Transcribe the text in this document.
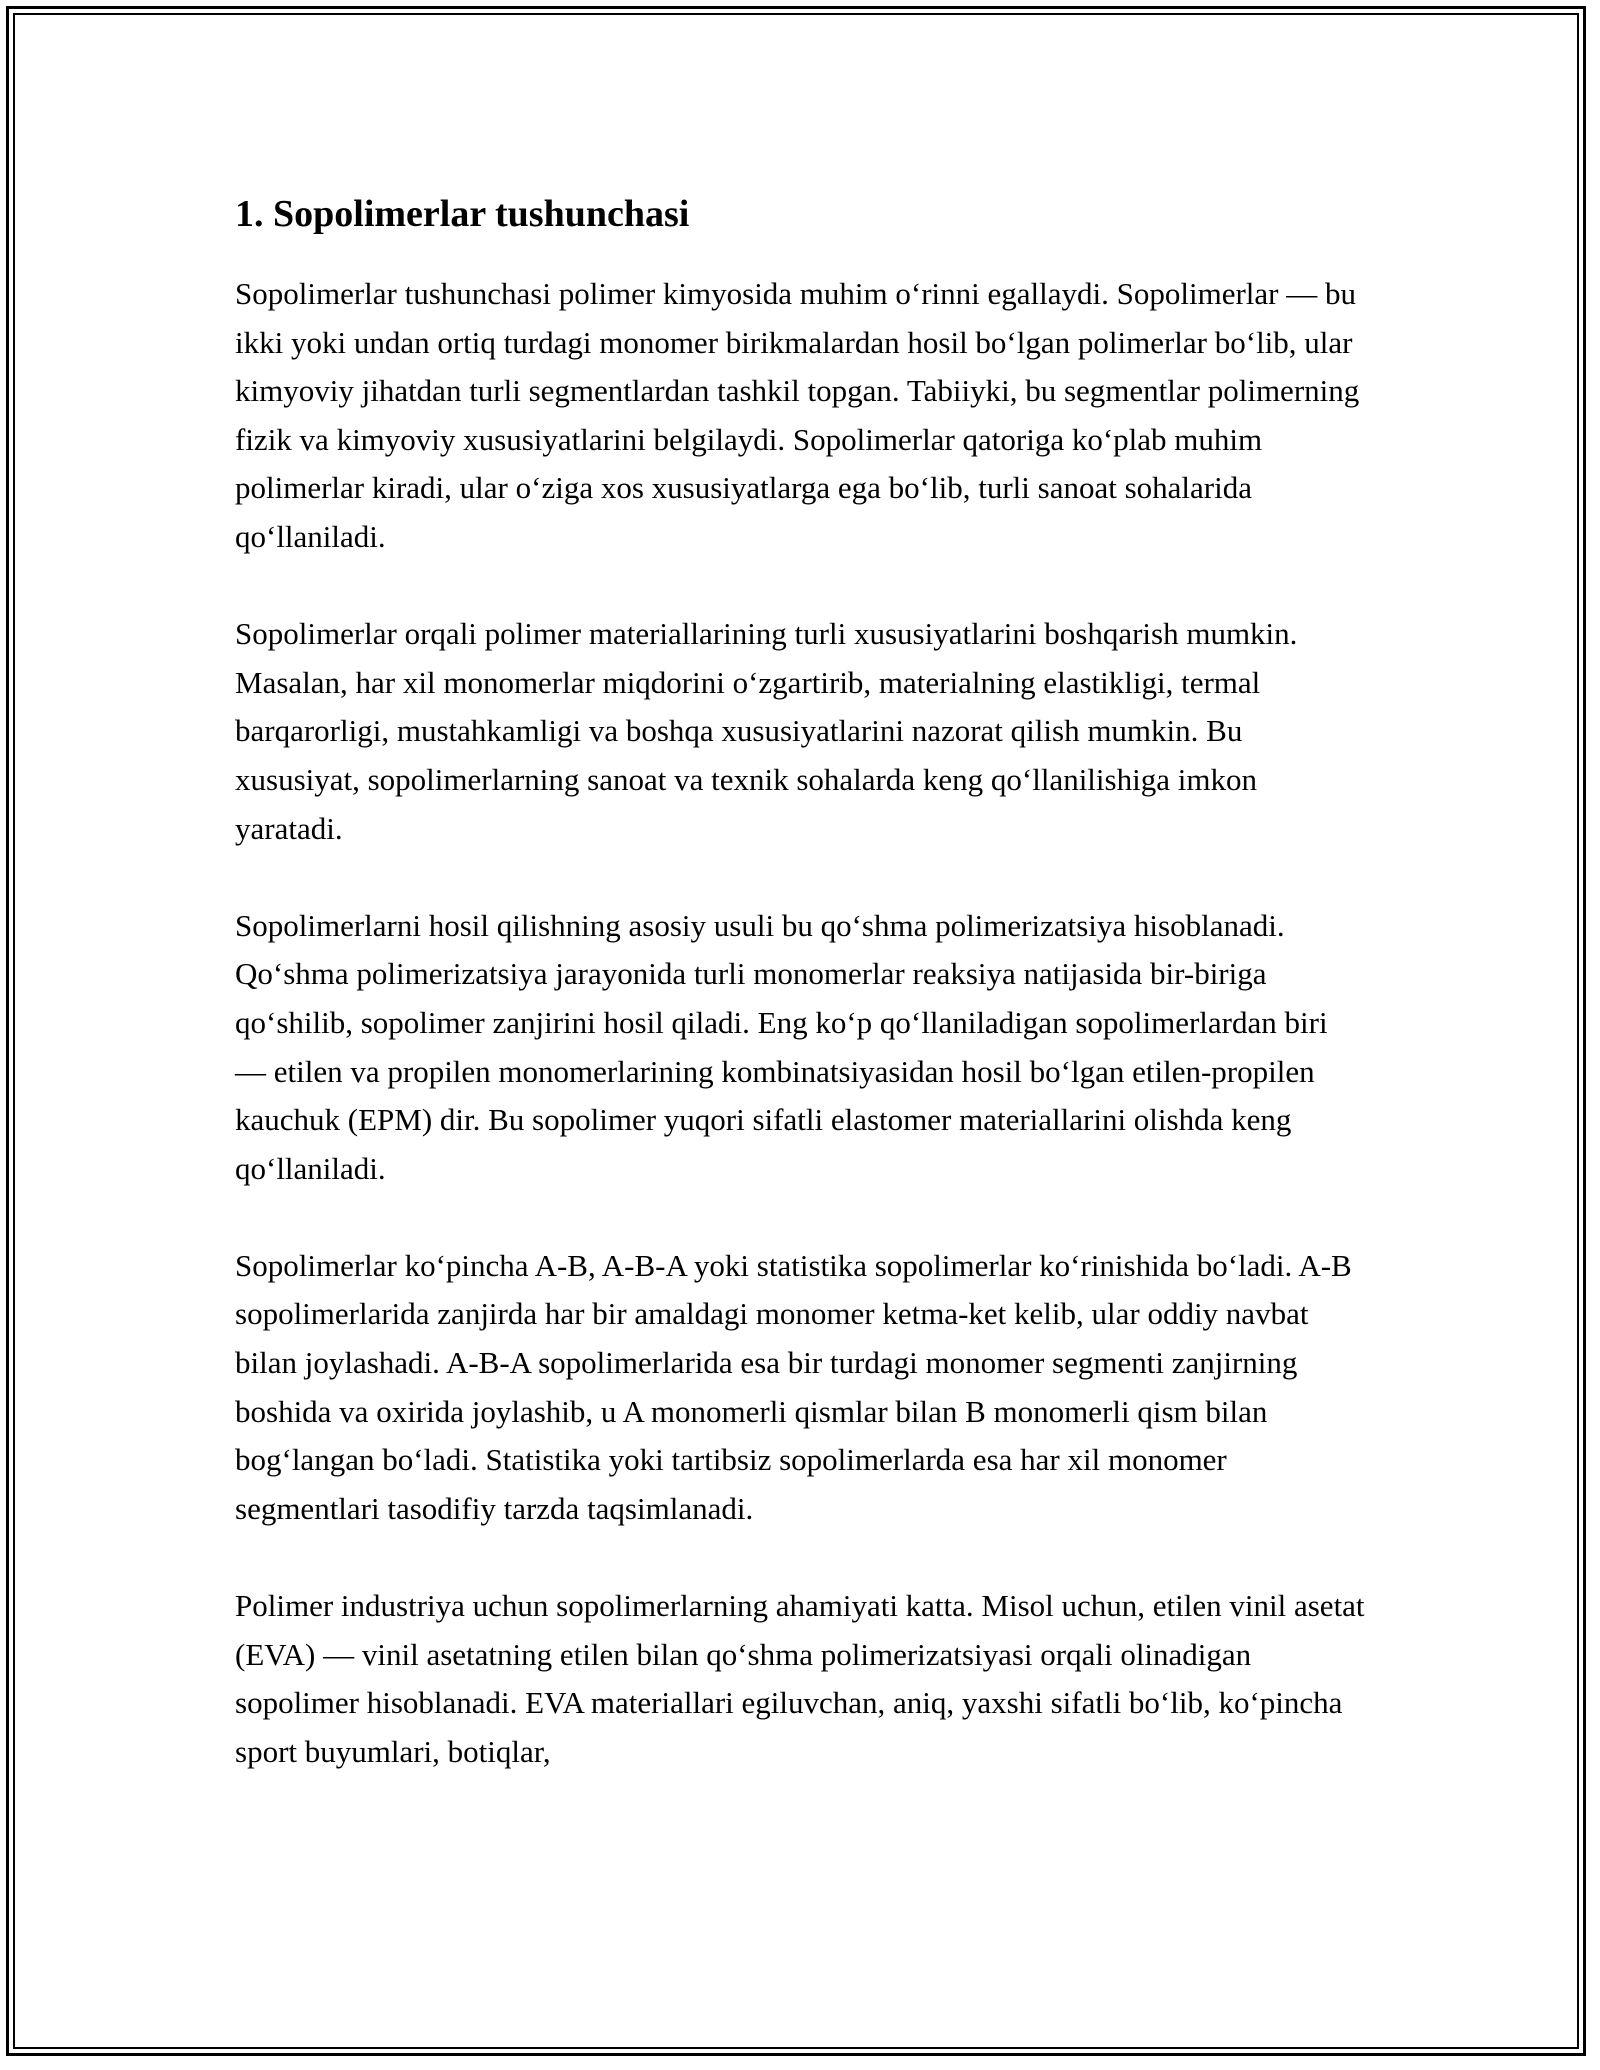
1. Sopolimerlar tushunchasi

Sopolimerlar tushunchasi polimer kimyosida muhim o‘rinni egallaydi. Sopolimerlar — bu ikki yoki undan ortiq turdagi monomer birikmalardan hosil bo‘lgan polimerlar bo‘lib, ular kimyoviy jihatdan turli segmentlardan tashkil topgan. Tabiiyki, bu segmentlar polimerning fizik va kimyoviy xususiyatlarini belgilaydi. Sopolimerlar qatoriga ko‘plab muhim polimerlar kiradi, ular o‘ziga xos xususiyatlarga ega bo‘lib, turli sanoat sohalarida qo‘llaniladi.

Sopolimerlar orqali polimer materiallarining turli xususiyatlarini boshqarish mumkin. Masalan, har xil monomerlar miqdorini o‘zgartirib, materialning elastikligi, termal barqarorligi, mustahkamligi va boshqa xususiyatlarini nazorat qilish mumkin. Bu xususiyat, sopolimerlarning sanoat va texnik sohalarda keng qo‘llanilishiga imkon yaratadi.

Sopolimerlarni hosil qilishning asosiy usuli bu qo‘shma polimerizatsiya hisoblanadi. Qo‘shma polimerizatsiya jarayonida turli monomerlar reaksiya natijasida bir-biriga qo‘shilib, sopolimer zanjirini hosil qiladi. Eng ko‘p qo‘llaniladigan sopolimerlardan biri — etilen va propilen monomerlarining kombinatsiyasidan hosil bo‘lgan etilen-propilen kauchuk (EPM) dir. Bu sopolimer yuqori sifatli elastomer materiallarini olishda keng qo‘llaniladi.

Sopolimerlar ko‘pincha A-B, A-B-A yoki statistika sopolimerlar ko‘rinishida bo‘ladi. A-B sopolimerlarida zanjirda har bir amaldagi monomer ketma-ket kelib, ular oddiy navbat bilan joylashadi. A-B-A sopolimerlarida esa bir turdagi monomer segmenti zanjirning boshida va oxirida joylashib, u A monomerli qismlar bilan B monomerli qism bilan bog‘langan bo‘ladi. Statistika yoki tartibsiz sopolimerlarda esa har xil monomer segmentlari tasodifiy tarzda taqsimlanadi.

Polimer industriya uchun sopolimerlarning ahamiyati katta. Misol uchun, etilen vinil asetat (EVA) — vinil asetatning etilen bilan qo‘shma polimerizatsiyasi orqali olinadigan sopolimer hisoblanadi. EVA materiallari egiluvchan, aniq, yaxshi sifatli bo‘lib, ko‘pincha sport buyumlari, botiqlar,
